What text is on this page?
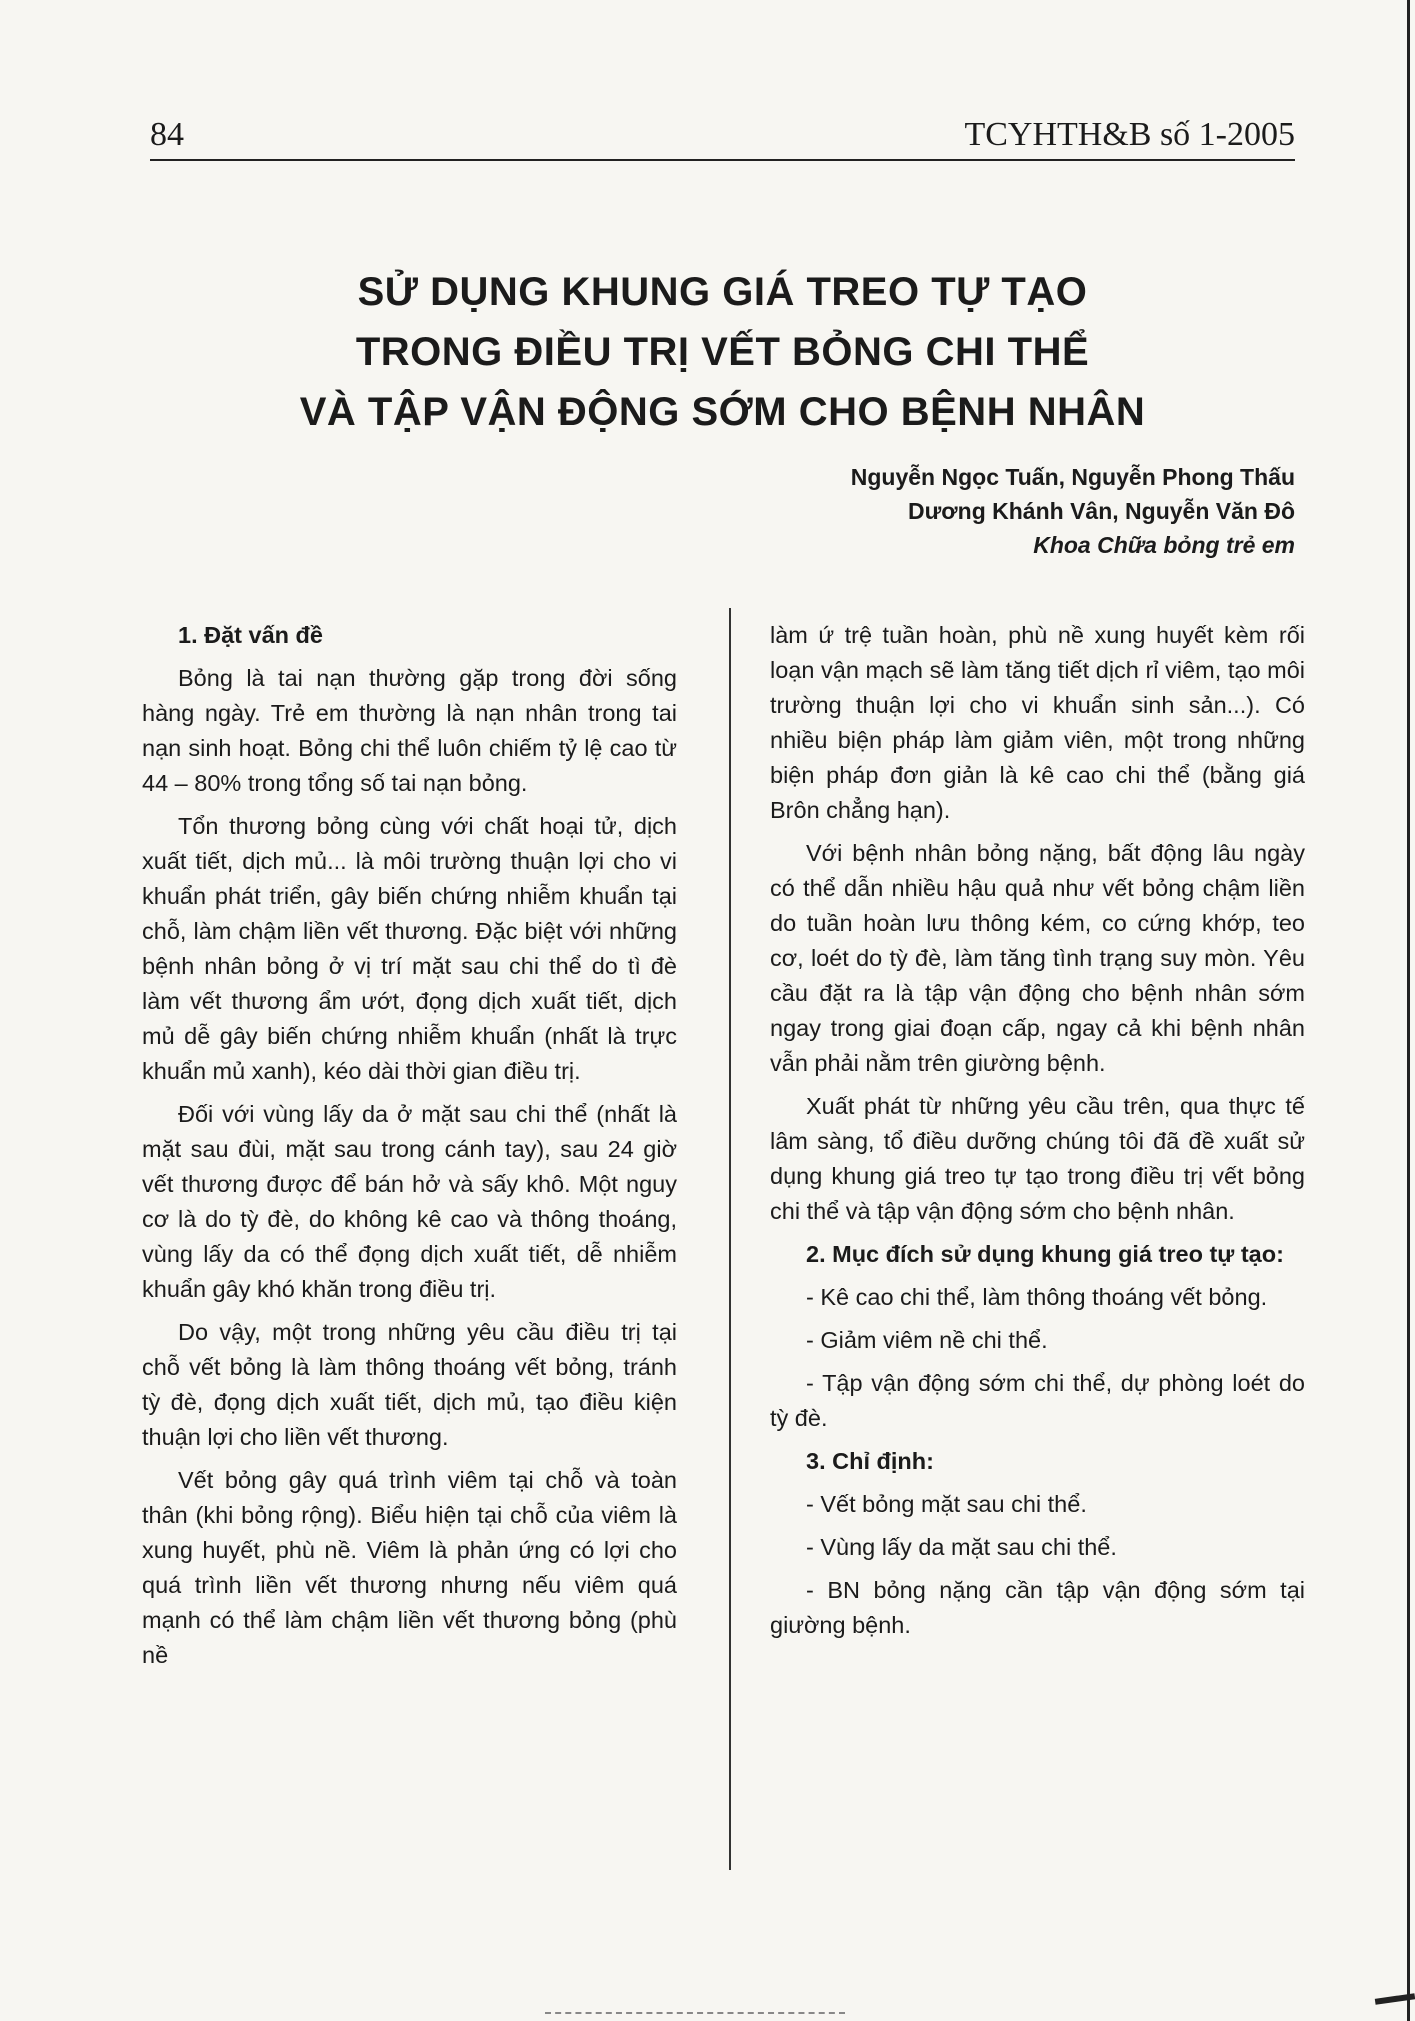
84	TCYHTH&B số 1-2005
SỬ DỤNG KHUNG GIÁ TREO TỰ TẠO
TRONG ĐIỀU TRỊ VẾT BỎNG CHI THỂ
VÀ TẬP VẬN ĐỘNG SỚM CHO BỆNH NHÂN
Nguyễn Ngọc Tuấn, Nguyễn Phong Thấu
Dương Khánh Vân, Nguyễn Văn Đô
Khoa Chữa bỏng trẻ em
1. Đặt vấn đề

Bỏng là tai nạn thường gặp trong đời sống hàng ngày. Trẻ em thường là nạn nhân trong tai nạn sinh hoạt. Bỏng chi thể luôn chiếm tỷ lệ cao từ 44 – 80% trong tổng số tai nạn bỏng.

Tổn thương bỏng cùng với chất hoại tử, dịch xuất tiết, dịch mủ... là môi trường thuận lợi cho vi khuẩn phát triển, gây biến chứng nhiễm khuẩn tại chỗ, làm chậm liền vết thương. Đặc biệt với những bệnh nhân bỏng ở vị trí mặt sau chi thể do tì đè làm vết thương ẩm ướt, đọng dịch xuất tiết, dịch mủ dễ gây biến chứng nhiễm khuẩn (nhất là trực khuẩn mủ xanh), kéo dài thời gian điều trị.

Đối với vùng lấy da ở mặt sau chi thể (nhất là mặt sau đùi, mặt sau trong cánh tay), sau 24 giờ vết thương được để bán hở và sấy khô. Một nguy cơ là do tỳ đè, do không kê cao và thông thoáng, vùng lấy da có thể đọng dịch xuất tiết, dễ nhiễm khuẩn gây khó khăn trong điều trị.

Do vậy, một trong những yêu cầu điều trị tại chỗ vết bỏng là làm thông thoáng vết bỏng, tránh tỳ đè, đọng dịch xuất tiết, dịch mủ, tạo điều kiện thuận lợi cho liền vết thương.

Vết bỏng gây quá trình viêm tại chỗ và toàn thân (khi bỏng rộng). Biểu hiện tại chỗ của viêm là xung huyết, phù nề. Viêm là phản ứng có lợi cho quá trình liền vết thương nhưng nếu viêm quá mạnh có thể làm chậm liền vết thương bỏng (phù nề

làm ứ trệ tuần hoàn, phù nề xung huyết kèm rối loạn vận mạch sẽ làm tăng tiết dịch rỉ viêm, tạo môi trường thuận lợi cho vi khuẩn sinh sản...). Có nhiều biện pháp làm giảm viên, một trong những biện pháp đơn giản là kê cao chi thể (bằng giá Brôn chẳng hạn).

Với bệnh nhân bỏng nặng, bất động lâu ngày có thể dẫn nhiều hậu quả như vết bỏng chậm liền do tuần hoàn lưu thông kém, co cứng khớp, teo cơ, loét do tỳ đè, làm tăng tình trạng suy mòn. Yêu cầu đặt ra là tập vận động cho bệnh nhân sớm ngay trong giai đoạn cấp, ngay cả khi bệnh nhân vẫn phải nằm trên giường bệnh.

Xuất phát từ những yêu cầu trên, qua thực tế lâm sàng, tổ điều dưỡng chúng tôi đã đề xuất sử dụng khung giá treo tự tạo trong điều trị vết bỏng chi thể và tập vận động sớm cho bệnh nhân.

2. Mục đích sử dụng khung giá treo tự tạo:
- Kê cao chi thể, làm thông thoáng vết bỏng.
- Giảm viêm nề chi thể.
- Tập vận động sớm chi thể, dự phòng loét do tỳ đè.
3. Chỉ định:
- Vết bỏng mặt sau chi thể.
- Vùng lấy da mặt sau chi thể.
- BN bỏng nặng cần tập vận động sớm tại giường bệnh.
